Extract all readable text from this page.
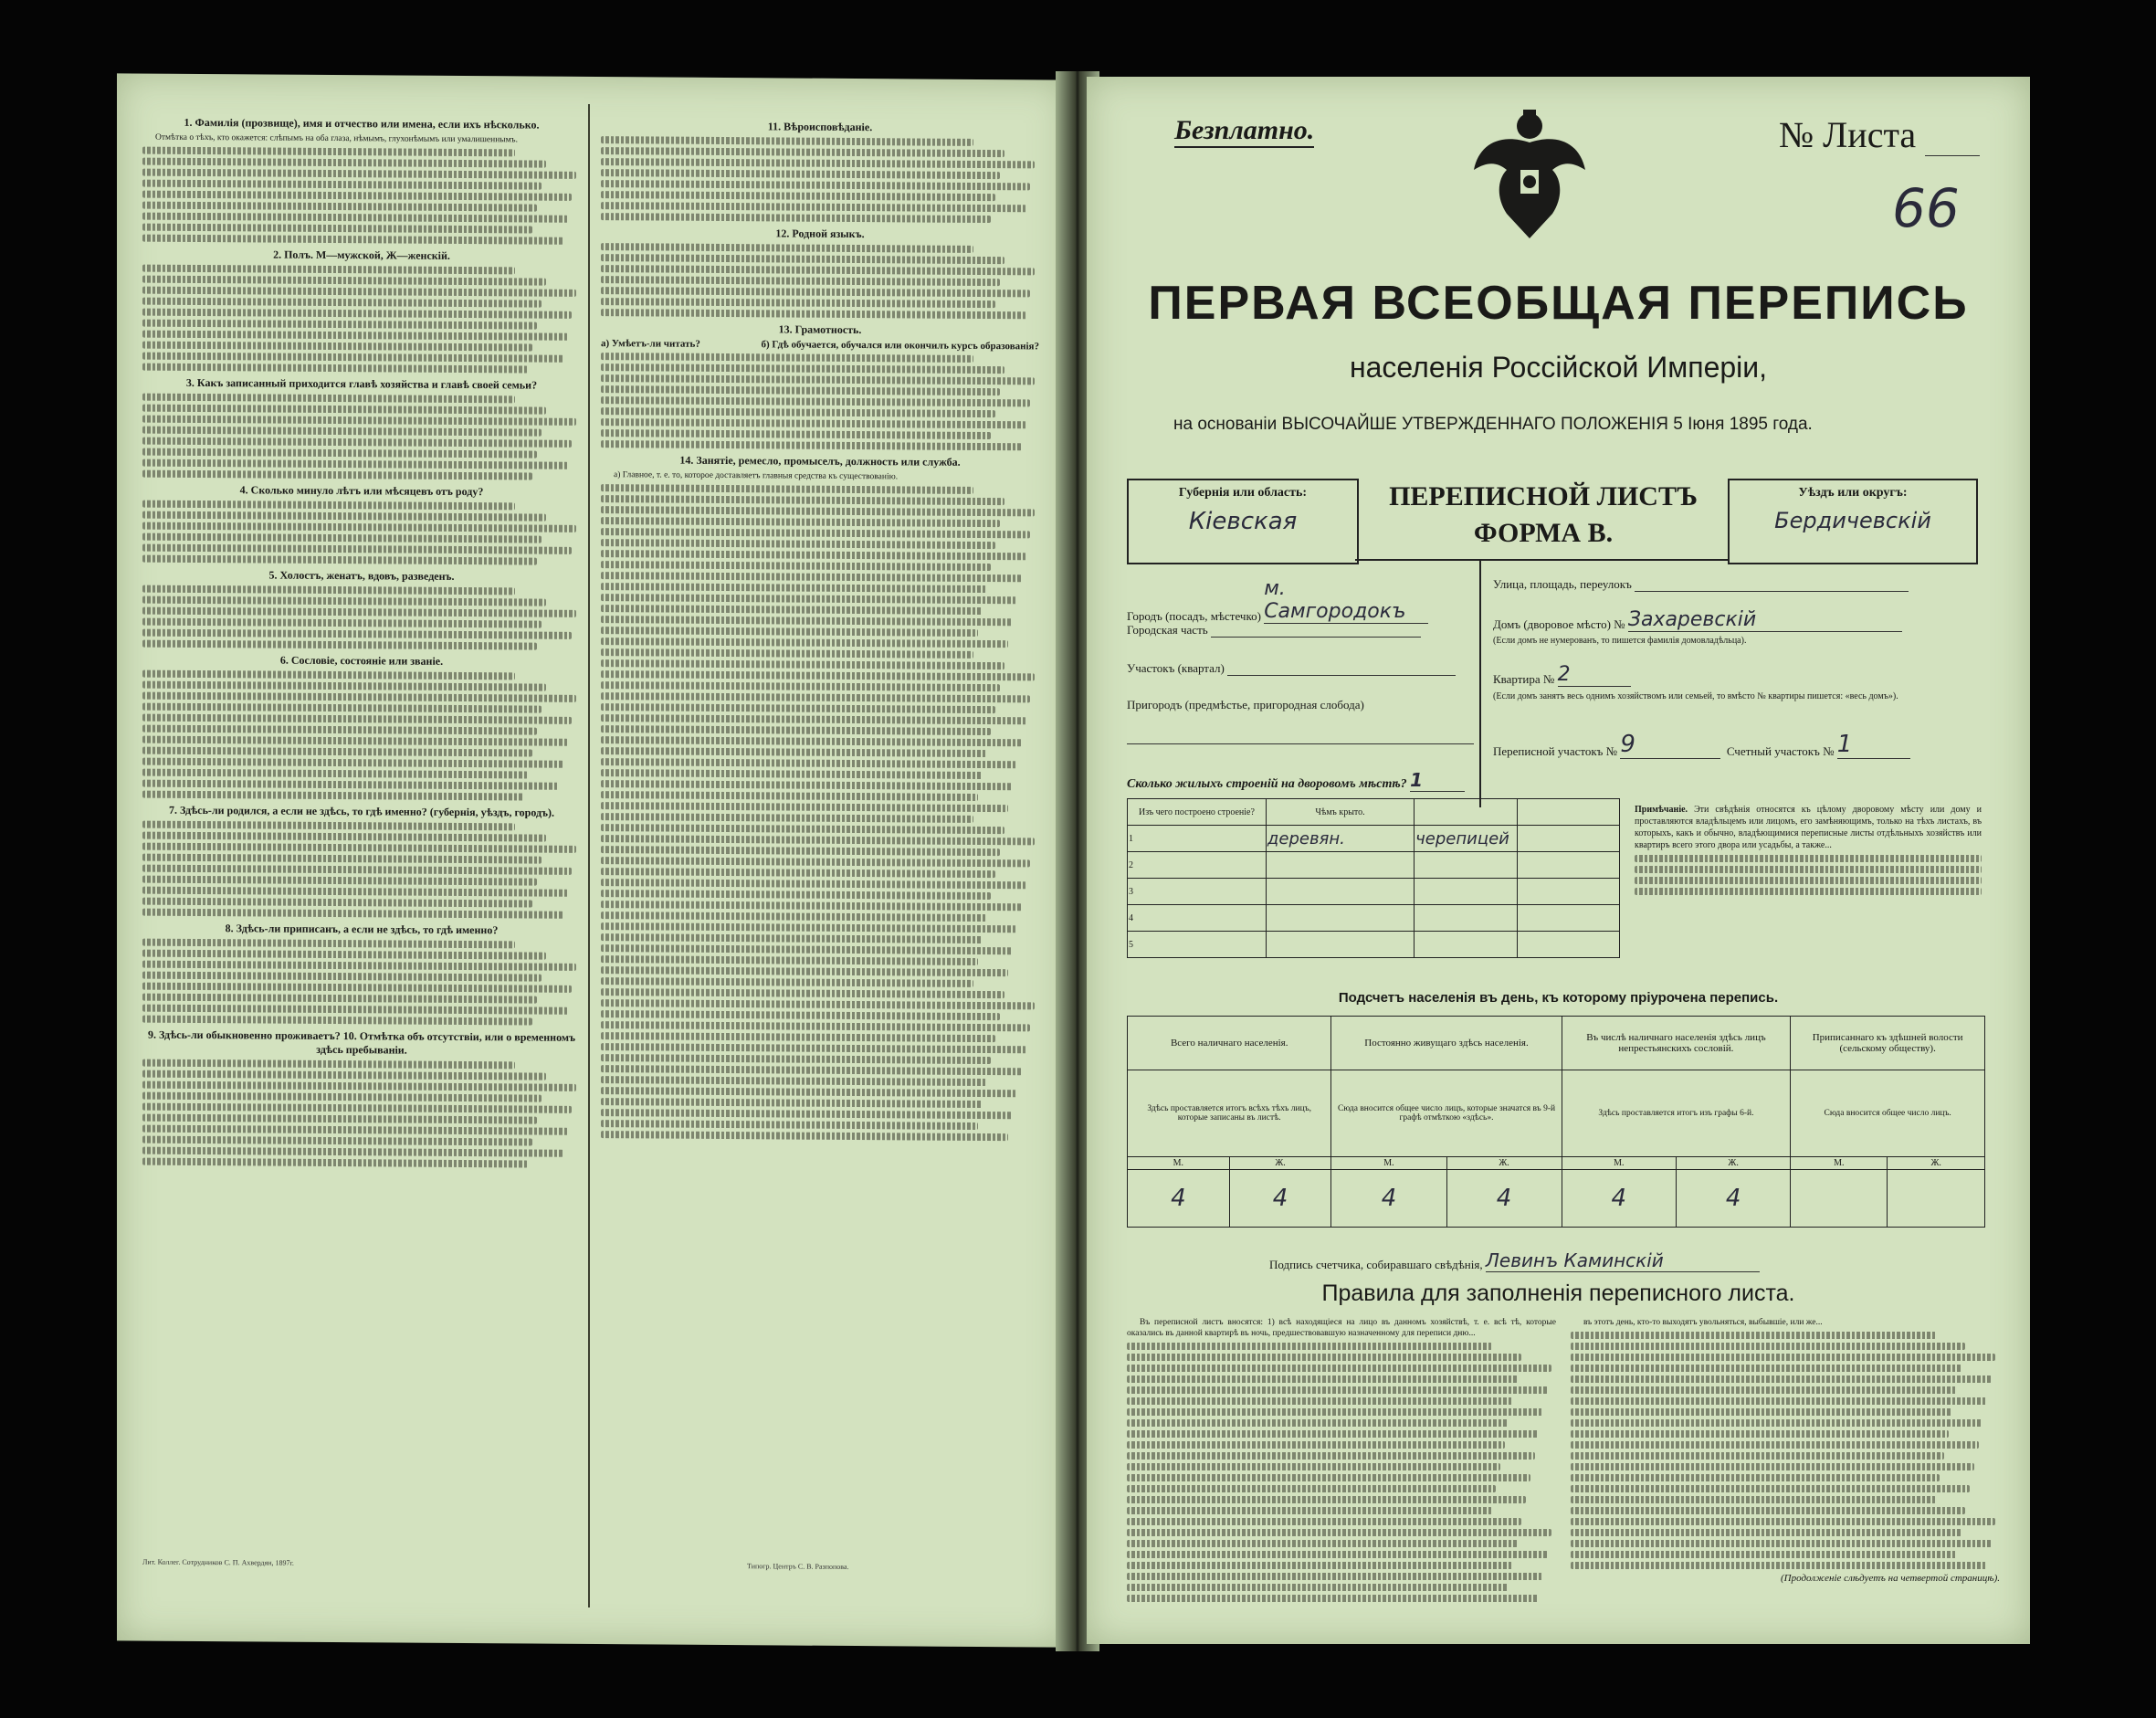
1. Фамилія (прозвище), имя и отчество или имена, если ихъ нѣсколько.

Отмѣтка о тѣхъ, кто окажется: слѣпымъ на оба глаза, нѣмымъ, глухонѣмымъ или умалишеннымъ.

2. Полъ. М—мужской, Ж—женскій.
3. Какъ записанный приходится главѣ хозяйства и главѣ своей семьи?
4. Сколько минуло лѣтъ или мѣсяцевъ отъ роду?
5. Холостъ, женатъ, вдовъ, разведенъ.
6. Сословіе, состояніе или званіе.
7. Здѣсь-ли родился, а если не здѣсь, то гдѣ именно? (губернія, уѣздъ, городъ).
8. Здѣсь-ли приписанъ, а если не здѣсь, то гдѣ именно?
9. Здѣсь-ли обыкновенно проживаетъ? 10. Отмѣтка объ отсутствіи, или о временномъ здѣсь пребываніи.
Лит. Коллег. Сотрудников С. П. Ахвердян, 1897г.
11. Вѣроисповѣданіе.
12. Родной языкъ.
13. Грамотность.
а) Умѣетъ-ли читать?	б) Гдѣ обучается, обучался или окончилъ курсъ образованія?
14. Занятіе, ремесло, промыселъ, должность или служба.

а) Главное, т. е. то, которое доставляетъ главныя средства къ существованію.

Типогр. Центръ С. В. Разпопова.
Безплатно.	№ Листа
66
ПЕРВАЯ ВСЕОБЩАЯ ПЕРЕПИСЬ
населенія Россійской Имперіи,
на основаніи ВЫСОЧАЙШЕ УТВЕРЖДЕННАГО ПОЛОЖЕНІЯ 5 Іюня 1895 года.
Губернія или область:
Кіевская
ПЕРЕПИСНОЙ ЛИСТЪ
ФОРМА В.
Уѣздъ или округъ:
Бердичевскій
Городъ (посадъ, мѣстечко) м. Самгородокъ
Городская часть
Участокъ (квартал)
Пригородъ (предмѣстье, пригородная слобода)
Улица, площадь, переулокъ
Домъ (дворовое мѣсто) № Захаревскій
(Если домъ не нумерованъ, то пишется фамилія домовладѣльца).
Квартира № 2
(Если домъ занятъ весь однимъ хозяйствомъ или семьей, то вмѣсто № квартиры пишется: «весь домъ»).
Переписной участокъ № 9	Счетный участокъ № 1
Сколько жилыхъ строеній на дворовомъ мѣстѣ? 1
Изъ чего построено строеніе?	Чѣмъ крыто.		
1	деревян.	черепицей	
2			
3			
4			
5			
Примѣчаніе. Эти свѣдѣнія относятся къ цѣлому дворовому мѣсту или дому и проставляются владѣльцемъ или лицомъ, его замѣняющимъ, только на тѣхъ листахъ, въ которыхъ, какъ и обычно, владѣющимися переписные листы отдѣльныхъ хозяйствъ или квартиръ всего этого двора или усадьбы, а также...
Подсчетъ населенія въ день, къ которому пріурочена перепись.
Всего наличнаго населенія.		Постоянно живущаго здѣсь населенія.		Въ числѣ наличнаго населенія здѣсь лицъ непрестьянскихъ сословій.		Приписаннаго къ здѣшней волости (сельскому обществу).	
Здѣсь проставляется итогъ всѣхъ тѣхъ лицъ, которые записаны въ листѣ.		Сюда вносится общее число лицъ, которые значатся въ 9-й графѣ отмѣткою «здѣсь».		Здѣсь проставляется итогъ изъ графы 6-й.		Сюда вносится общее число лицъ.	
М.	Ж.	М.	Ж.	М.	Ж.	М.	Ж.
4	4	4	4	4	4		
Подпись счетчика, собиравшаго свѣдѣнія, Левинъ Каминскій
Правила для заполненія переписного листа.

Въ переписной листъ вносятся: 1) всѣ находящіеся на лицо въ данномъ хозяйствѣ, т. е. всѣ тѣ, которые оказались въ данной квартирѣ въ ночь, предшествовавшую назначенному для переписи дню...

въ этотъ день, кто-то выходятъ увольняться, выбывшіе, или же...

(Продолженіе слѣдуетъ на четвертой страницѣ).
